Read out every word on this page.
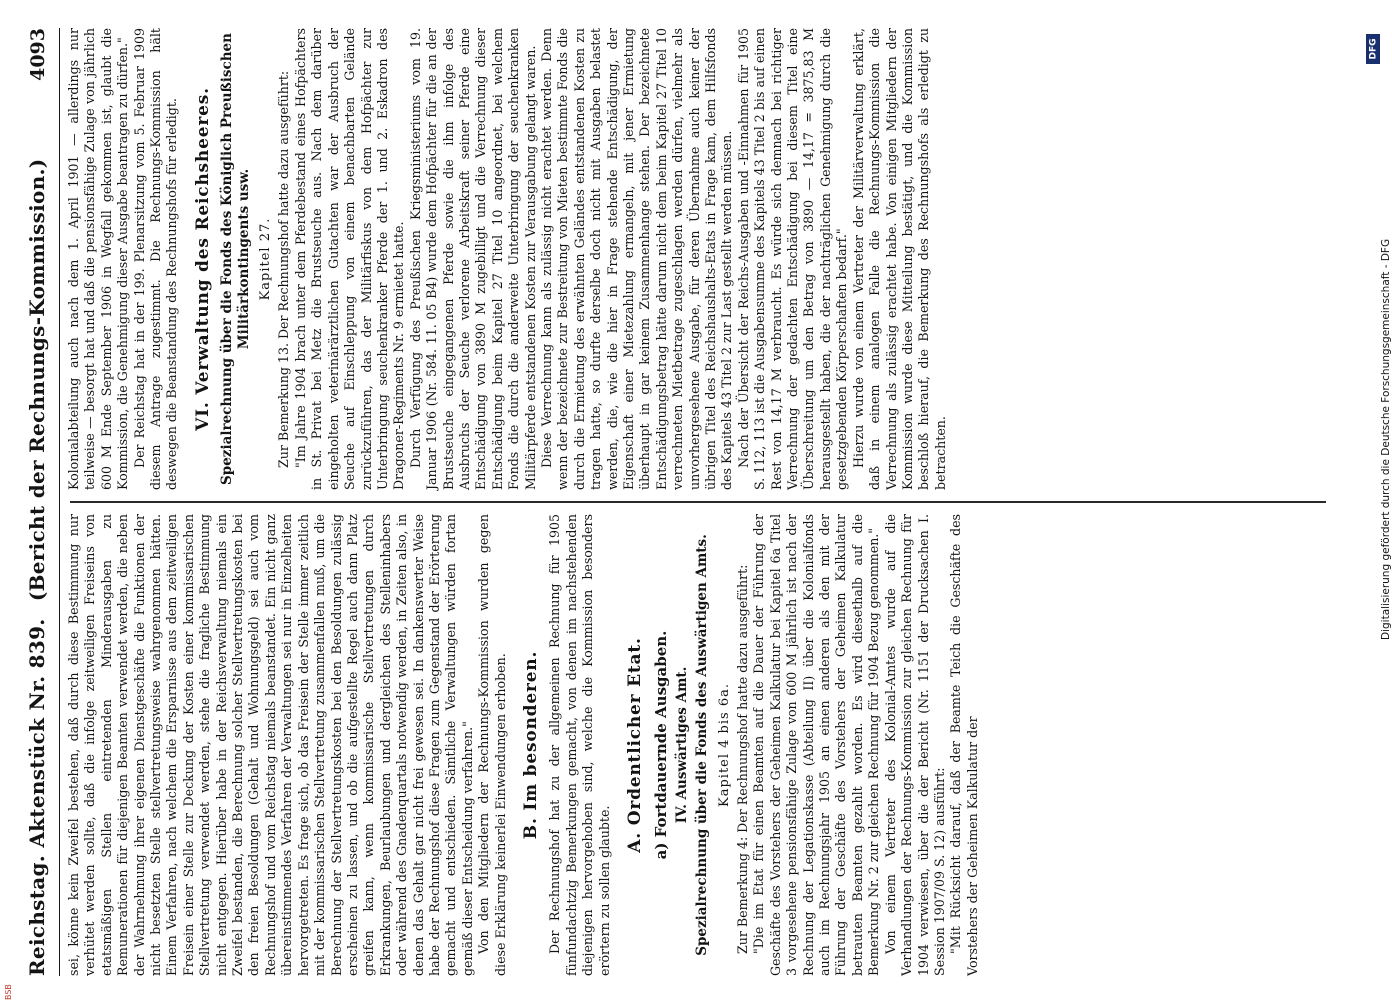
Reichstag. Aktenstück Nr. 839. (Bericht der Rechnungs-Kommission.)
4093

sei, könne kein Zweifel bestehen, daß durch diese Bestimmung nur verhütet werden sollte, daß die infolge zeitweiligen Freiseins von etatsmäßigen Stellen eintretenden Minderausgaben zu Remunerationen für diejenigen Beamten verwendet werden, die neben der Wahrnehmung ihrer eigenen Dienstgeschäfte die Funktionen der nicht besetzten Stelle stellvertretungsweise wahrgenommen hätten. Einem Verfahren, nach welchem die Ersparnisse aus dem zeitweiligen Freisein einer Stelle zur Deckung der Kosten einer kommissarischen Stellvertretung verwendet werden, stehe die fragliche Bestimmung nicht entgegen. Hierüber habe in der Reichsverwaltung niemals ein Zweifel bestanden, die Berechnung solcher Stellvertretungskosten bei den freien Besoldungen (Gehalt und Wohnungsgeld) sei auch vom Rechnungshof und vom Reichstag niemals beanstandet. Ein nicht ganz übereinstimmendes Verfahren der Verwaltungen sei nur in Einzelheiten hervorgetreten. Es frage sich, ob das Freisein der Stelle immer zeitlich mit der kommissarischen Stellvertretung zusammenfallen muß, um die Berechnung der Stellvertretungskosten bei den Besoldungen zulässig erscheinen zu lassen, und ob die aufgestellte Regel auch dann Platz greifen kann, wenn kommissarische Stellvertretungen durch Erkrankungen, Beurlaubungen und dergleichen des Stelleninhabers oder während des Gnadenquartals notwendig werden, in Zeiten also, in denen das Gehalt gar nicht frei gewesen sei. In dankenswerter Weise habe der Rechnungshof diese Fragen zum Gegenstand der Erörterung gemacht und entschieden. Sämtliche Verwaltungen würden fortan gemäß dieser Entscheidung verfahren." Von den Mitgliedern der Rechnungs-Kommission wurden gegen diese Erklärung keinerlei Einwendungen erhoben. B. Im besonderen. Der Rechnungshof hat zu der allgemeinen Rechnung für 1905 fünfundachtzig Bemerkungen gemacht, von denen im nachstehenden diejenigen hervorgehoben sind, welche die Kommission besonders erörtern zu sollen glaubte.

A. Ordentlicher Etat. a) Fortdauernde Ausgaben. IV. Auswärtiges Amt. Spezialrechnung über die Fonds des Auswärtigen Amts. Kapitel 4 bis 6a. Zur Bemerkung 4: Der Rechnungshof hatte dazu ausgeführt: "Die im Etat für einen Beamten auf die Dauer der Führung der Geschäfte des Vorstehers der Geheimen Kalkulatur bei Kapitel 6a Titel 3 vorgesehene pensionsfähige Zulage von 600 M jährlich ist nach der Rechnung der Legationskasse (Abteilung II) über die Kolonialfonds auch im Rechnungsjahr 1905 an einen anderen als den mit der Führung der Geschäfte des Vorstehers der Geheimen Kalkulatur betrauten Beamten gezahlt worden. Es wird diesethalb auf die Bemerkung Nr. 2 zur gleichen Rechnung für 1904 Bezug genommen." Von einem Vertreter des Kolonial-Amtes wurde auf die Verhandlungen der Rechnungs-Kommission zur gleichen Rechnung für 1904 verwiesen, über die der Bericht (Nr. 1151 der Drucksachen I. Session 1907/09 S. 12) ausführt: "Mit Rücksicht darauf, daß der Beamte Teich die Geschäfte des Vorstehers der Geheimen Kalkulatur der

Kolonialabteilung auch nach dem 1. April 1901 — allerdings nur teilweise — besorgt hat und daß die pensionsfähige Zulage von jährlich 600 M Ende September 1906 in Wegfall gekommen ist, glaubt die Kommission, die Genehmigung dieser Ausgabe beantragen zu dürfen." Der Reichstag hat in der 199. Plenarsitzung vom 5. Februar 1909 diesem Antrage zugestimmt. Die Rechnungs-Kommission hält deswegen die Beanstandung des Rechnungshofs für erledigt. VI. Verwaltung des Reichsheeres. Spezialrechnung über die Fonds des Königlich Preußischen Militärkontingents usw. Kapitel 27. Zur Bemerkung 13. Der Rechnungshof hatte dazu ausgeführt: "Im Jahre 1904 brach unter dem Pferdebestand eines Hofpächters in St. Privat bei Metz die Brustseuche aus. Nach dem darüber eingeholten veterinärärztlichen Gutachten war der Ausbruch der Seuche auf Einschleppung von einem benachbarten Gelände zurückzuführen, das der Militärfiskus von dem Hofpächter zur Unterbringung seuchenkranker Pferde der 1. und 2. Eskadron des Dragoner-Regiments Nr. 9 ermietet hatte. Durch Verfügung des Preußischen Kriegsministeriums vom 19. Januar 1906 (Nr. 584. 11. 05 B4) wurde dem Hofpächter für die an der Brustseuche eingegangenen Pferde sowie die ihm infolge des Ausbruchs der Seuche verlorene Arbeitskraft seiner Pferde eine Entschädigung von 3890 M zugebilligt und die Verrechnung dieser Entschädigung beim Kapitel 27 Titel 10 angeordnet, bei welchem Fonds die durch die anderweite Unterbringung der seuchenkranken Militärpferde entstandenen Kosten zur Verausgabung gelangt waren. Diese Verrechnung kann als zulässig nicht erachtet werden. Denn wenn der bezeichnete zur Bestreitung von Mieten bestimmte Fonds die durch die Ermietung des erwähnten Geländes entstandenen Kosten zu tragen hatte, so durfte derselbe doch nicht mit Ausgaben belastet werden, die, wie die hier in Frage stehende Entschädigung, der Eigenschaft einer Mietezahlung ermangeln, mit jener Ermietung überhaupt in gar keinem Zusammenhange stehen. Der bezeichnete Entschädigungsbetrag hätte darum nicht dem beim Kapitel 27 Titel 10 verrechneten Mietbetrage zugeschlagen werden dürfen, vielmehr als unvorhergesehene Ausgabe, für deren Übernahme auch keiner der übrigen Titel des Reichshaushalts-Etats in Frage kam, dem Hilfsfonds des Kapitels 43 Titel 2 zur Last gestellt werden müssen. Nach der Übersicht der Reichs-Ausgaben und -Einnahmen für 1905 S. 112, 113 ist die Ausgabensumme des Kapitels 43 Titel 2 bis auf einen Rest von 14,17 M verbraucht. Es würde sich demnach bei richtiger Verrechnung der gedachten Entschädigung bei diesem Titel eine Überschreitung um den Betrag von 3890 — 14,17 = 3875,83 M herausgestellt haben, die der nachträglichen Genehmigung durch die gesetzgebenden Körperschaften bedarf." Hierzu wurde von einem Vertreter der Militärverwaltung erklärt, daß in einem analogen Falle die Rechnungs-Kommission die Verrechnung als zulässig erachtet habe. Von einigen Mitgliedern der Kommission wurde diese Mitteilung bestätigt, und die Kommission beschloß hierauf, die Bemerkung des Rechnungshofs als erledigt zu betrachten.

DFG
Digitalisierung gefördert durch die Deutsche Forschungsgemeinschaft - DFG
BSB
